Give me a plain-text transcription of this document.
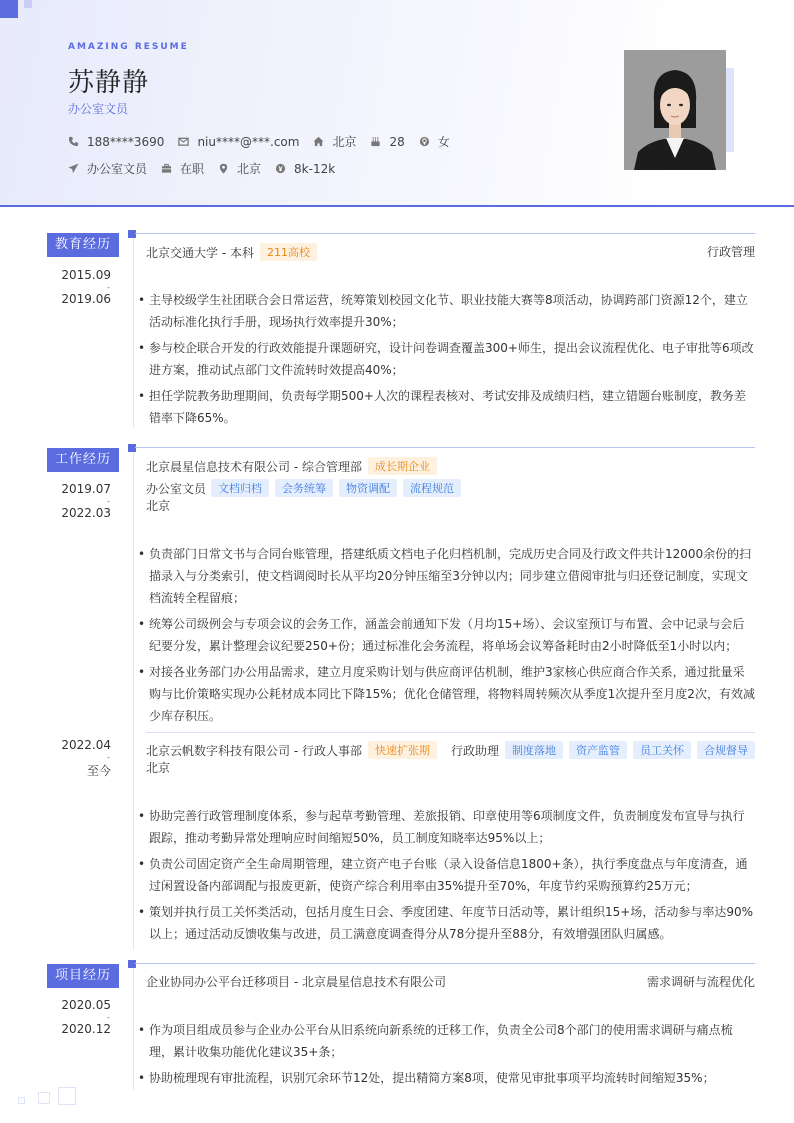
AMAZING RESUME
苏静静
办公室文员
188****3690	niu****@***.com	北京	28	女
办公室文员	在职	北京	8k-12k
教育经历
2015.09
-
2019.06
北京交通大学 - 本科	211高校	行政管理
• 主导校级学生社团联合会日常运营，统筹策划校园文化节、职业技能大赛等8项活动，协调跨部门资源12个，建立活动标准化执行手册，现场执行效率提升30%；
• 参与校企联合开发的行政效能提升课题研究，设计问卷调查覆盖300+师生，提出会议流程优化、电子审批等6项改进方案，推动试点部门文件流转时效提高40%；
• 担任学院教务助理期间，负责每学期500+人次的课程表核对、考试安排及成绩归档，建立错题台账制度，教务差错率下降65%。
工作经历
2019.07
-
2022.03
北京晨星信息技术有限公司 - 综合管理部	成长期企业
办公室文员	文档归档	会务统筹	物资调配	流程规范
北京
• 负责部门日常文书与合同台账管理，搭建纸质文档电子化归档机制，完成历史合同及行政文件共计12000余份的扫描录入与分类索引，使文档调阅时长从平均20分钟压缩至3分钟以内；同步建立借阅审批与归还登记制度，实现文档流转全程留痕；
• 统筹公司级例会与专项会议的会务工作，涵盖会前通知下发（月均15+场）、会议室预订与布置、会中记录与会后纪要分发，累计整理会议纪要250+份；通过标准化会务流程，将单场会议筹备耗时由2小时降低至1小时以内；
• 对接各业务部门办公用品需求，建立月度采购计划与供应商评估机制，维护3家核心供应商合作关系，通过批量采购与比价策略实现办公耗材成本同比下降15%；优化仓储管理，将物料周转频次从季度1次提升至月度2次，有效减少库存积压。
2022.04
-
至今
北京云帆数字科技有限公司 - 行政人事部	快速扩张期	行政助理	制度落地	资产监管	员工关怀	合规督导
北京
• 协助完善行政管理制度体系，参与起草考勤管理、差旅报销、印章使用等6项制度文件，负责制度发布宣导与执行跟踪，推动考勤异常处理响应时间缩短50%，员工制度知晓率达95%以上；
• 负责公司固定资产全生命周期管理，建立资产电子台账（录入设备信息1800+条），执行季度盘点与年度清查，通过闲置设备内部调配与报废更新，使资产综合利用率由35%提升至70%，年度节约采购预算约25万元；
• 策划并执行员工关怀类活动，包括月度生日会、季度团建、年度节日活动等，累计组织15+场，活动参与率达90%以上；通过活动反馈收集与改进，员工满意度调查得分从78分提升至88分，有效增强团队归属感。
项目经历
2020.05
-
2020.12
企业协同办公平台迁移项目 - 北京晨星信息技术有限公司	需求调研与流程优化
• 作为项目组成员参与企业办公平台从旧系统向新系统的迁移工作，负责全公司8个部门的使用需求调研与痛点梳理，累计收集功能优化建议35+条；
• 协助梳理现有审批流程，识别冗余环节12处，提出精简方案8项，使常见审批事项平均流转时间缩短35%；
